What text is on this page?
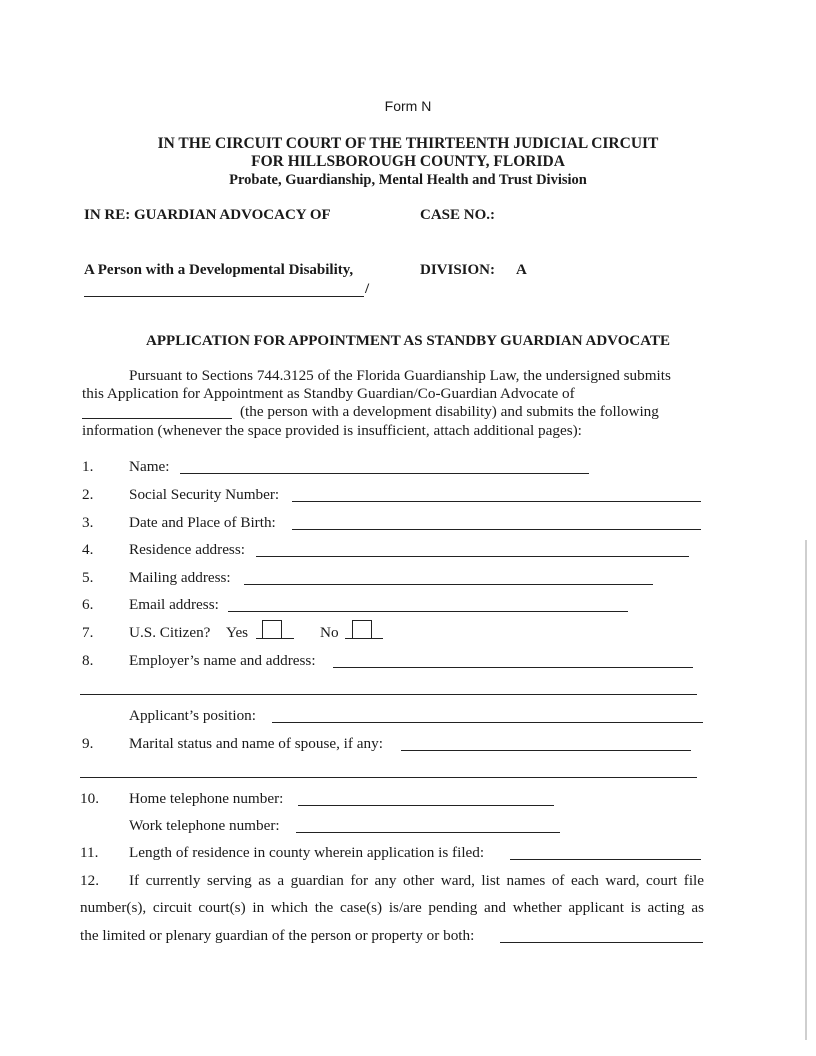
Form N
IN THE CIRCUIT COURT OF THE THIRTEENTH JUDICIAL CIRCUIT
FOR HILLSBOROUGH COUNTY, FLORIDA
Probate, Guardianship, Mental Health and Trust Division
IN RE: GUARDIAN ADVOCACY OF	CASE NO.:
A Person with a Developmental Disability,	DIVISION: A
/
APPLICATION FOR APPOINTMENT AS STANDBY GUARDIAN ADVOCATE
Pursuant to Sections 744.3125 of the Florida Guardianship Law, the undersigned submits
this Application for Appointment as Standby Guardian/Co-Guardian Advocate of
(the person with a development disability) and submits the following
information (whenever the space provided is insufficient, attach additional pages):
1. Name:
2. Social Security Number:
3. Date and Place of Birth:
4. Residence address:
5. Mailing address:
6. Email address:
7. U.S. Citizen? Yes	No
8. Employer’s name and address:
Applicant’s position:
9. Marital status and name of spouse, if any:
10. Home telephone number:
Work telephone number:
11. Length of residence in county wherein application is filed:
12. If currently serving as a guardian for any other ward, list names of each ward, court file
number(s), circuit court(s) in which the case(s) is/are pending and whether applicant is acting as
the limited or plenary guardian of the person or property or both:
